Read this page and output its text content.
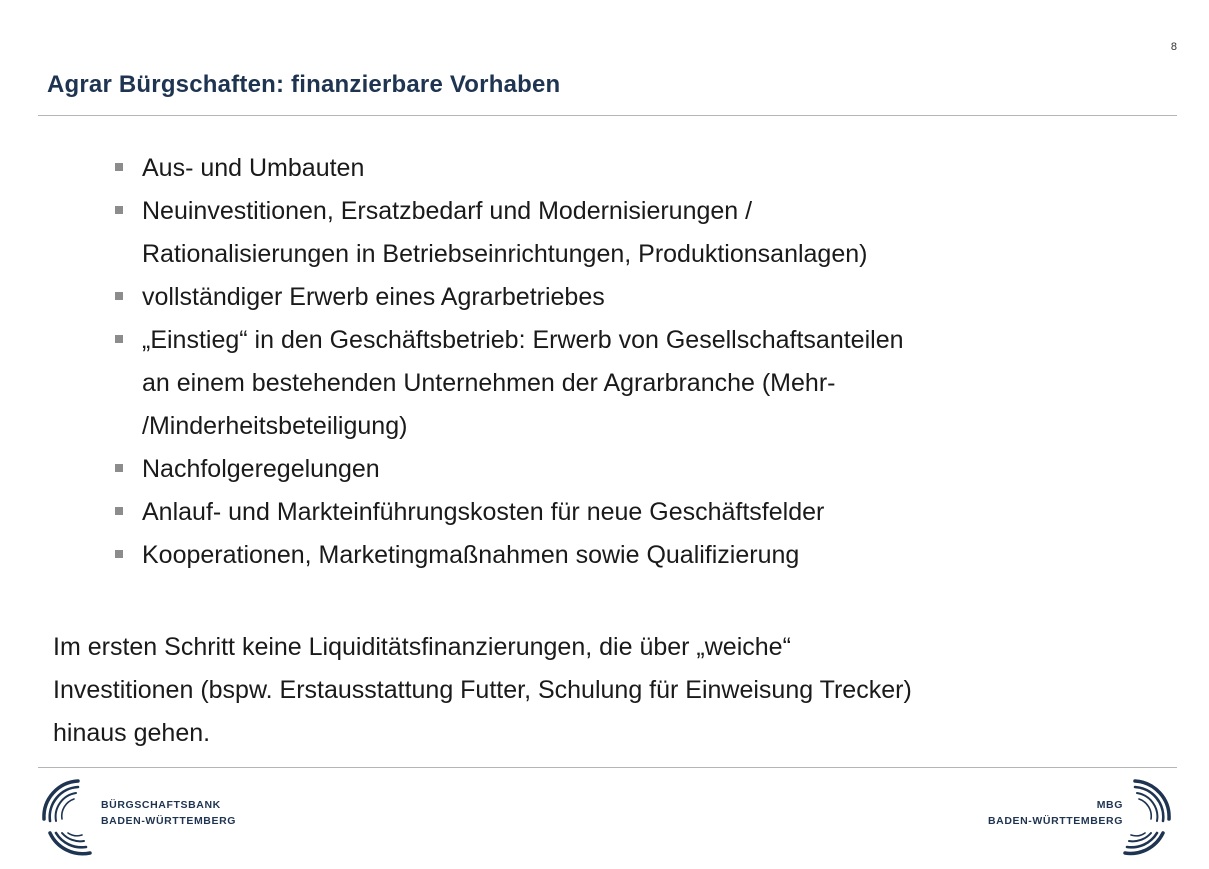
8
Agrar Bürgschaften: finanzierbare Vorhaben
Aus- und Umbauten
Neuinvestitionen, Ersatzbedarf und Modernisierungen /
Rationalisierungen in Betriebseinrichtungen, Produktionsanlagen)
vollständiger Erwerb eines Agrarbetriebes
„Einstieg“ in den Geschäftsbetrieb: Erwerb von Gesellschaftsanteilen
an einem bestehenden Unternehmen der Agrarbranche (Mehr-
/Minderheitsbeteiligung)
Nachfolgeregelungen
Anlauf- und Markteinführungskosten für neue Geschäftsfelder
Kooperationen, Marketingmaßnahmen sowie Qualifizierung
Im ersten Schritt keine Liquiditätsfinanzierungen, die über „weiche“
Investitionen (bspw. Erstausstattung Futter, Schulung für Einweisung Trecker)
hinaus gehen.
BÜRGSCHAFTSBANK
BADEN-WÜRTTEMBERG
MBG
BADEN-WÜRTTEMBERG
